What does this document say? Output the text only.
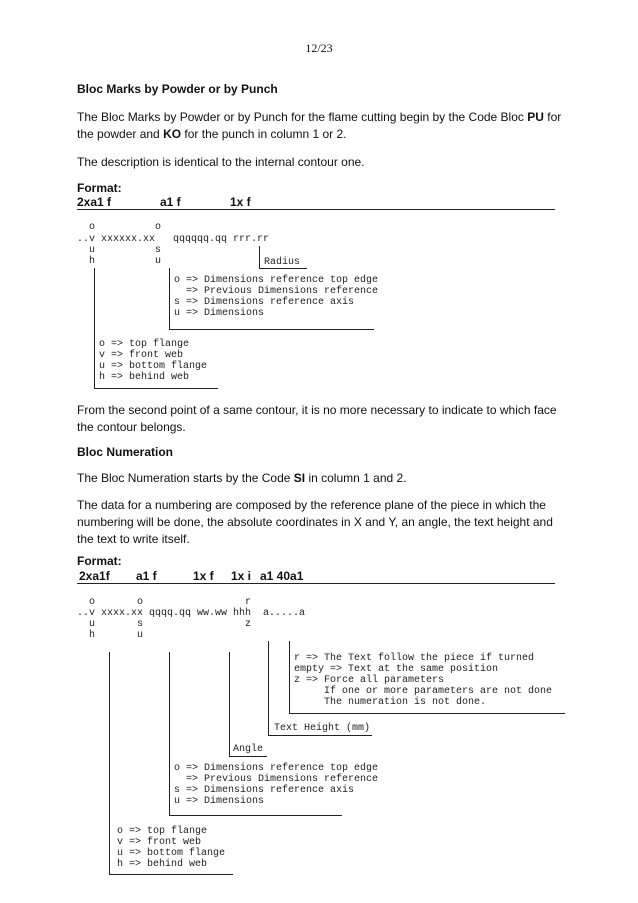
12/23
Bloc Marks by Powder or by Punch
The Bloc Marks by Powder or by Punch for the flame cutting begin by the Code Bloc PU for the powder and KO for the punch in column 1 or 2.
The description is identical to the internal contour one.
Format:
2xa1 f	a1 f	1x f
o          o
..v xxxxxx.xx   qqqqqq.qq rrr.rr
u          s
h          u	Radius
o => Dimensions reference top edge
=> Previous Dimensions reference
s => Dimensions reference axis
u => Dimensions
o => top flange
v => front web
u => bottom flange
h => behind web
From the second point of a same contour, it is no more necessary to indicate to which face the contour belongs.
Bloc Numeration
The Bloc Numeration starts by the Code SI in column 1 and 2.
The data for a numbering are composed by the reference plane of the piece in which the numbering will be done, the absolute coordinates in X and Y, an angle, the text height and the text to write itself.
Format:
2xa1f a1 f	1x f 1x i a1 40a1
o       o                 r
..v xxxx.xx qqqq.qq ww.ww hhh  a.....a
u       s                 z
h       u
r => The Text follow the piece if turned
empty => Text at the same position
z => Force all parameters
If one or more parameters are not done
The numeration is not done.
Text Height (mm)
Angle
o => Dimensions reference top edge
=> Previous Dimensions reference
s => Dimensions reference axis
u => Dimensions
o => top flange
v => front web
u => bottom flange
h => behind web
